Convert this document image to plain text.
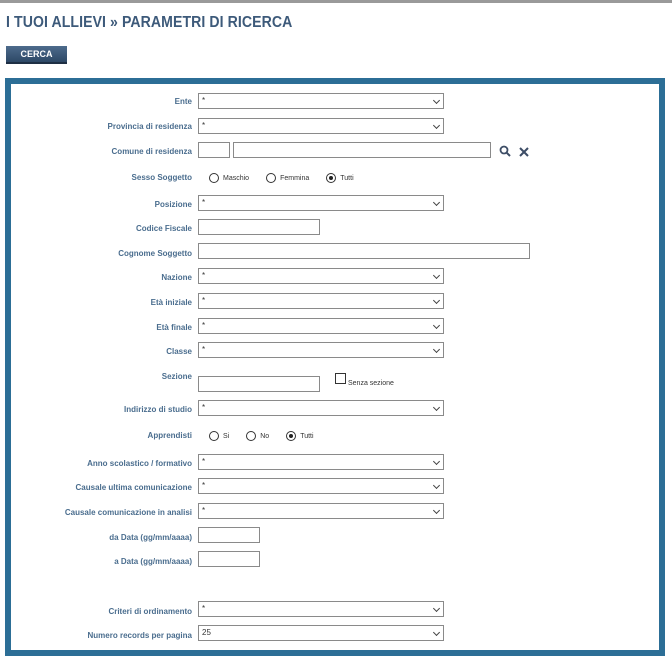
I TUOI ALLIEVI » PARAMETRI DI RICERCA
CERCA
Ente	*
Provincia di residenza	*
Comune di residenza
Sesso Soggetto	Maschio	Femmina	Tutti
Posizione	*
Codice Fiscale
Cognome Soggetto
Nazione	*
Età iniziale	*
Età finale	*
Classe	*
Sezione
Senza sezione
Indirizzo di studio	*
Apprendisti	Si	No	Tutti
Anno scolastico / formativo	*
Causale ultima comunicazione	*
Causale comunicazione in analisi	*
da Data (gg/mm/aaaa)
a Data (gg/mm/aaaa)
Criteri di ordinamento	*
Numero records per pagina	25
